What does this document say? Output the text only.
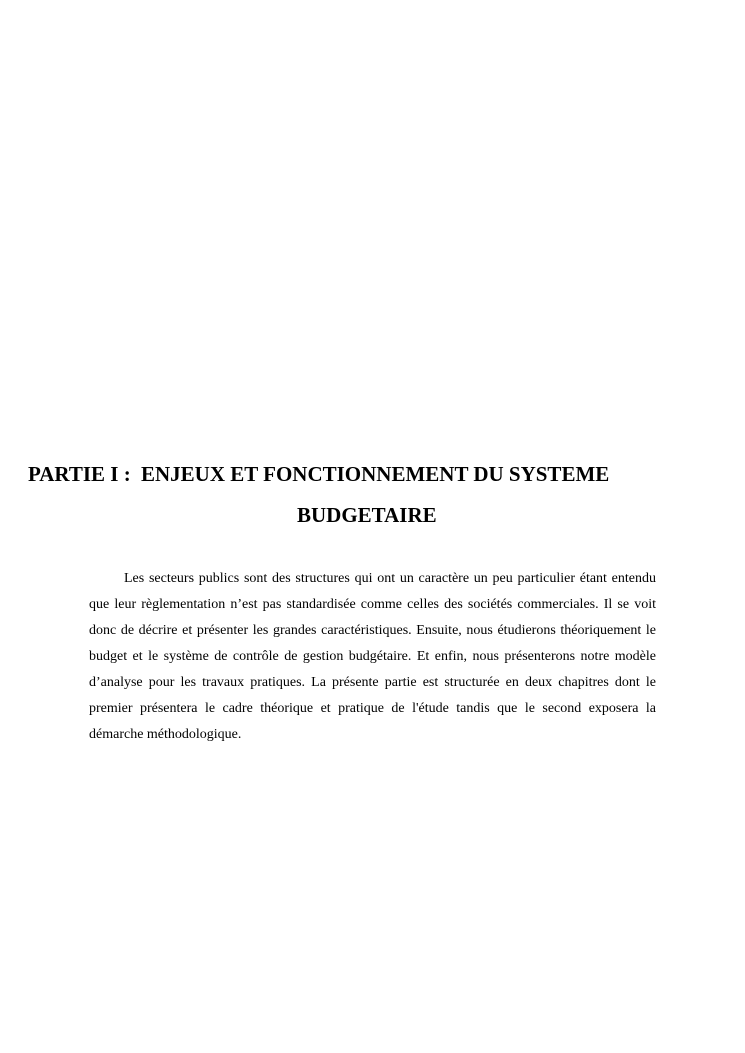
PARTIE I : ENJEUX ET FONCTIONNEMENT DU SYSTEME
BUDGETAIRE

Les secteurs publics sont des structures qui ont un caractère un peu particulier étant entendu que leur règlementation n’est pas standardisée comme celles des sociétés commerciales. Il se voit donc de décrire et présenter les grandes caractéristiques. Ensuite, nous étudierons théoriquement le budget et le système de contrôle de gestion budgétaire. Et enfin, nous présenterons notre modèle d’analyse pour les travaux pratiques. La présente partie est structurée en deux chapitres dont le premier présentera le cadre théorique et pratique de l'étude tandis que le second exposera la démarche méthodologique.
